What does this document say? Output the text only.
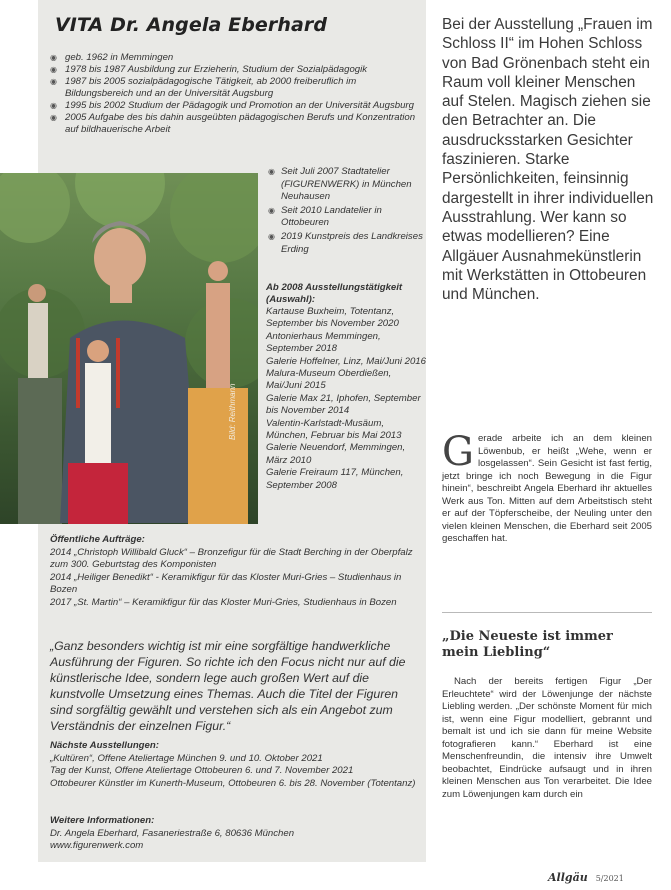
VITA Dr. Angela Eberhard
◉ geb. 1962 in Memmingen
◉ 1978 bis 1987 Ausbildung zur Erzieherin, Studium der Sozialpädagogik
◉ 1987 bis 2005 sozialpädagogische Tätigkeit, ab 2000 freiberuflich im Bildungsbereich und an der Universität Augsburg
◉ 1995 bis 2002 Studium der Pädagogik und Promotion an der Universität Augsburg
◉ 2005 Aufgabe des bis dahin ausgeübten pädagogischen Berufs und Konzentration auf bildhauerische Arbeit
Bild: Reithmann
◉ Seit Juli 2007 Stadtatelier (FIGURENWERK) in München Neuhausen
◉ Seit 2010 Landatelier in Ottobeuren
◉ 2019 Kunstpreis des Landkreises Erding
Ab 2008 Ausstellungstätigkeit (Auswahl):
Kartause Buxheim, Totentanz, September bis November 2020
Antonierhaus Memmingen, September 2018
Galerie Hoffelner, Linz, Mai/Juni 2016
Malura-Museum Oberdießen, Mai/Juni 2015
Galerie Max 21, Iphofen, September bis November 2014
Valentin-Karlstadt-Musäum, München, Februar bis Mai 2013
Galerie Neuendorf, Memmingen, März 2010
Galerie Freiraum 117, München, September 2008
Öffentliche Aufträge:
2014 „Christoph Willibald Gluck“ – Bronzefigur für die Stadt Berching in der Oberpfalz zum 300. Geburtstag des Komponisten
2014 „Heiliger Benedikt“ - Keramikfigur für das Kloster Muri-Gries – Studienhaus in Bozen
2017 „St. Martin“ – Keramikfigur für das Kloster Muri-Gries, Studienhaus in Bozen

„Ganz besonders wichtig ist mir eine sorgfältige handwerkliche Ausführung der Figuren. So richte ich den Focus nicht nur auf die künstlerische Idee, sondern lege auch großen Wert auf die kunstvolle Umsetzung eines Themas. Auch die Titel der Figuren sind sorgfältig gewählt und verstehen sich als ein Angebot zum Verständnis der einzelnen Figur.“

Nächste Ausstellungen:
„Kultüren“, Offene Ateliertage München 9. und 10. Oktober 2021
Tag der Kunst, Offene Ateliertage Ottobeuren 6. und 7. November 2021
Ottobeurer Künstler im Kunerth-Museum, Ottobeuren 6. bis 28. November (Totentanz)
Weitere Informationen:
Dr. Angela Eberhard, Fasaneriestraße 6, 80636 München
www.figurenwerk.com

Bei der Ausstellung „Frauen im Schloss II“ im Hohen Schloss von Bad Grönenbach steht ein Raum voll kleiner Menschen auf Stelen. Magisch ziehen sie den Betrachter an. Die ausdrucksstarken Gesichter faszinieren. Starke Persönlichkeiten, feinsinnig dargestellt in ihrer individuellen Ausstrahlung. Wer kann so etwas modellieren? Eine Allgäuer Ausnahmekünstlerin mit Werkstätten in Ottobeuren und München.

Gerade arbeite ich an dem kleinen Löwenbub, er heißt „Wehe, wenn er losgelassen“. Sein Gesicht ist fast fertig, jetzt bringe ich noch Bewegung in die Figur hinein“, beschreibt Angela Eberhard ihr aktuelles Werk aus Ton. Mitten auf dem Arbeitstisch steht er auf der Töpferscheibe, der Neuling unter den vielen kleinen Menschen, die Eberhard seit 2005 geschaffen hat.
„Die Neueste ist immer mein Liebling“

Nach der bereits fertigen Figur „Der Erleuchtete“ wird der Löwenjunge der nächste Liebling werden. „Der schönste Moment für mich ist, wenn eine Figur modelliert, gebrannt und bemalt ist und ich sie dann für meine Website fotografieren kann.“ Eberhard ist eine Menschenfreundin, die intensiv ihre Umwelt beobachtet, Eindrücke aufsaugt und in ihren kleinen Menschen aus Ton verarbeitet. Die Idee zum Löwenjungen kam durch ein

Allgäu 5/2021
